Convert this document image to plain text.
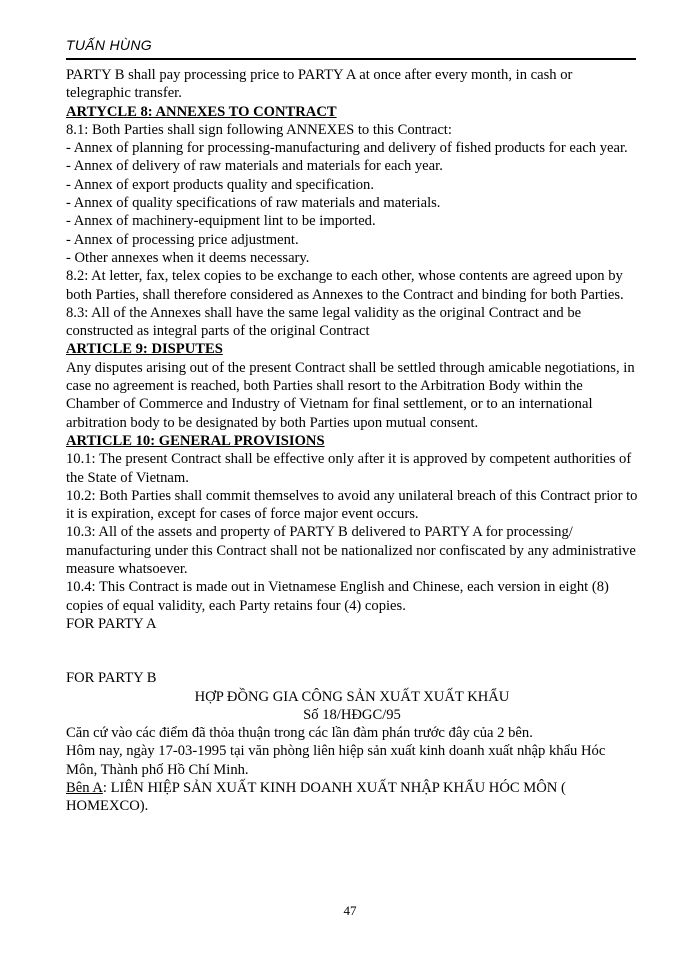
TUẤN HÙNG

PARTY B shall pay processing price to PARTY A at once after every month, in cash or telegraphic transfer.

ARTYCLE 8: ANNEXES TO CONTRACT

8.1: Both Parties shall sign following ANNEXES to this Contract:

- Annex of planning for processing-manufacturing and delivery of fished products for each year.

- Annex of delivery of raw materials and materials for each year.

- Annex of export products quality and specification.

- Annex of quality specifications of raw materials and materials.

- Annex of machinery-equipment lint to be imported.

- Annex of processing price adjustment.

- Other annexes when it deems necessary.

8.2: At letter, fax, telex copies to be exchange to each other, whose contents are agreed upon by both Parties, shall therefore considered as Annexes to the Contract and binding for both Parties.

8.3: All of the Annexes shall have the same legal validity as the original Contract and be constructed as integral parts of the original Contract

ARTICLE 9: DISPUTES

Any disputes arising out of the present Contract shall be settled through amicable negotiations, in case no agreement is reached, both Parties shall resort to the Arbitration Body within the Chamber of Commerce and Industry of Vietnam for final settlement, or to an international arbitration body to be designated by both Parties upon mutual consent.

ARTICLE 10: GENERAL PROVISIONS

10.1: The present Contract shall be effective only after it is approved by competent authorities of the State of Vietnam.

10.2: Both Parties shall commit themselves to avoid any unilateral breach of this Contract prior to it is expiration, except for cases of force major event occurs.

10.3: All of the assets and property of PARTY B delivered to PARTY A for processing/ manufacturing under this Contract shall not be nationalized nor confiscated by any administrative measure whatsoever.

10.4: This Contract is made out in Vietnamese English and Chinese, each version in eight (8) copies of equal validity, each Party retains four (4) copies.

FOR PARTY A

FOR PARTY B

HỢP ĐỒNG GIA CÔNG SẢN XUẤT XUẤT KHẨU

Số 18/HĐGC/95

Căn cứ vào các điểm đã thỏa thuận trong các lần đàm phán trước đây của 2 bên.

Hôm nay, ngày 17-03-1995 tại văn phòng liên hiệp sản xuất kinh doanh xuất nhập khẩu Hóc Môn, Thành phố Hồ Chí Minh.

Bên A: LIÊN HIỆP SẢN XUẤT KINH DOANH XUẤT NHẬP KHẨU HÓC MÔN ( HOMEXCO).

47
